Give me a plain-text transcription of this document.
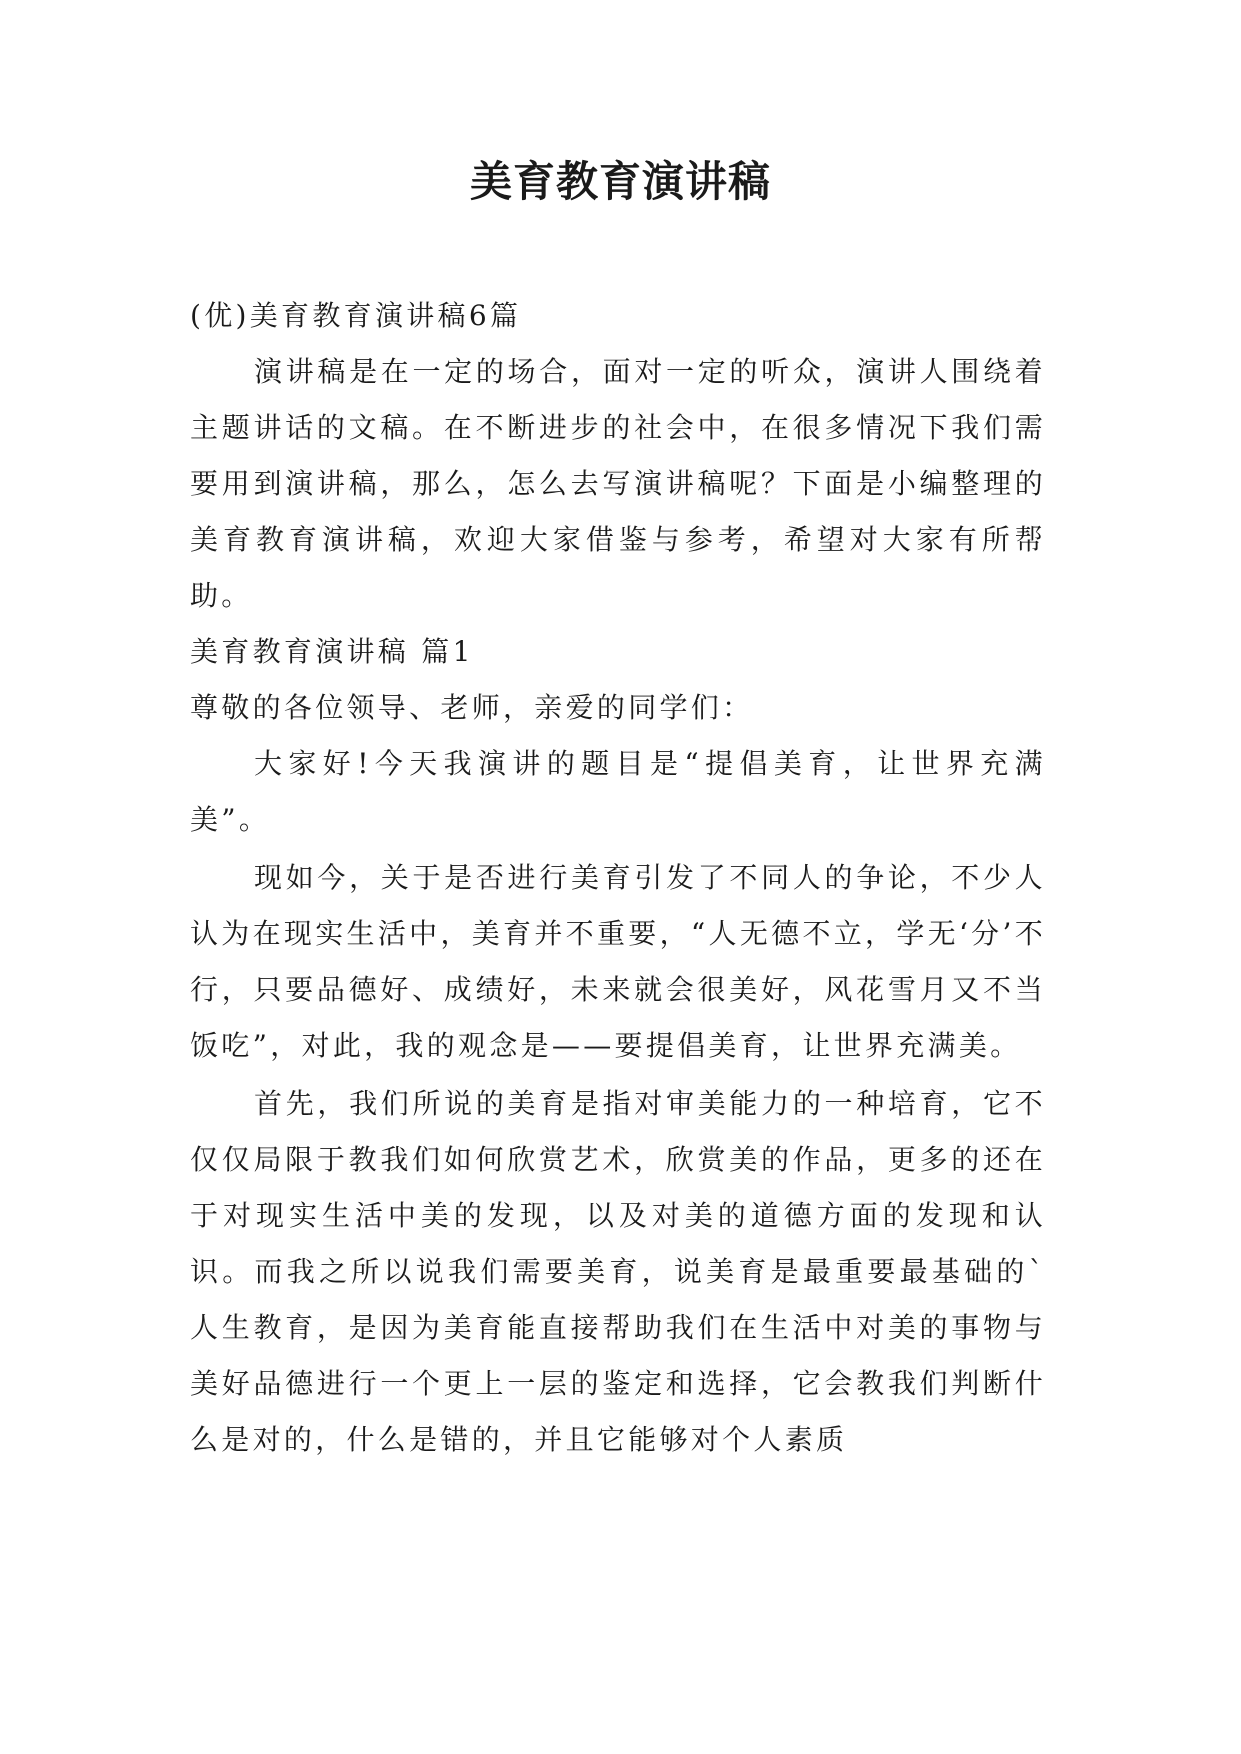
美育教育演讲稿

(优)美育教育演讲稿6篇

演讲稿是在一定的场合，面对一定的听众，演讲人围绕着主题讲话的文稿。在不断进步的社会中，在很多情况下我们需要用到演讲稿，那么，怎么去写演讲稿呢？下面是小编整理的美育教育演讲稿，欢迎大家借鉴与参考，希望对大家有所帮助。

美育教育演讲稿 篇1

尊敬的各位领导、老师，亲爱的同学们：

大家好!今天我演讲的题目是“提倡美育，让世界充满美”。

现如今，关于是否进行美育引发了不同人的争论，不少人认为在现实生活中，美育并不重要，“人无德不立，学无‘分’不行，只要品德好、成绩好，未来就会很美好，风花雪月又不当饭吃”，对此，我的观念是——要提倡美育，让世界充满美。

首先，我们所说的美育是指对审美能力的一种培育，它不仅仅局限于教我们如何欣赏艺术，欣赏美的作品，更多的还在于对现实生活中美的发现，以及对美的道德方面的发现和认识。而我之所以说我们需要美育，说美育是最重要最基础的`人生教育，是因为美育能直接帮助我们在生活中对美的事物与美好品德进行一个更上一层的鉴定和选择，它会教我们判断什么是对的，什么是错的，并且它能够对个人素质
